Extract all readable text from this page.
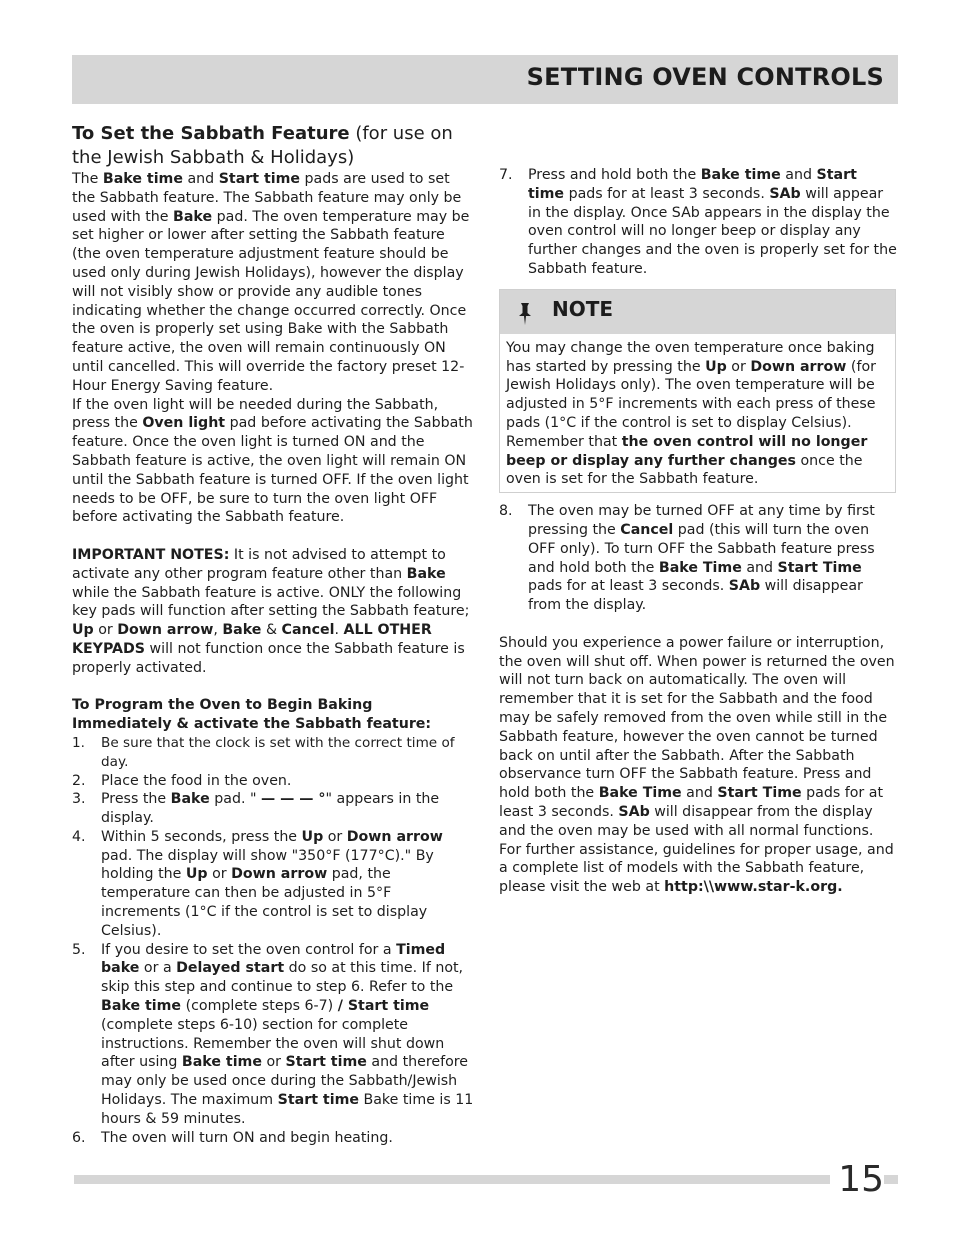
SETTING OVEN CONTROLS

To Set the Sabbath Feature (for use on the Jewish Sabbath & Holidays)

The Bake time and Start time pads are used to set the Sabbath feature. The Sabbath feature may only be used with the Bake pad. The oven temperature may be set higher or lower after setting the Sabbath feature (the oven temperature adjustment feature should be used only during Jewish Holidays), however the display will not visibly show or provide any audible tones indicating whether the change occurred correctly. Once the oven is properly set using Bake with the Sabbath feature active, the oven will remain continuously ON until cancelled. This will override the factory preset 12-Hour Energy Saving feature.

If the oven light will be needed during the Sabbath, press the Oven light pad before activating the Sabbath feature. Once the oven light is turned ON and the Sabbath feature is active, the oven light will remain ON until the Sabbath feature is turned OFF. If the oven light needs to be OFF, be sure to turn the oven light OFF before activating the Sabbath feature.

IMPORTANT NOTES: It is not advised to attempt to activate any other program feature other than Bake while the Sabbath feature is active. ONLY the following key pads will function after setting the Sabbath feature; Up or Down arrow, Bake & Cancel. ALL OTHER KEYPADS will not function once the Sabbath feature is properly activated.

To Program the Oven to Begin Baking Immediately & activate the Sabbath feature:

1. Be sure that the clock is set with the correct time of day.
2. Place the food in the oven.
3. Press the Bake pad. " — — — °" appears in the display.
4. Within 5 seconds, press the Up or Down arrow pad. The display will show "350°F (177°C)." By holding the Up or Down arrow pad, the temperature can then be adjusted in 5°F increments (1°C if the control is set to display Celsius).
5. If you desire to set the oven control for a Timed bake or a Delayed start do so at this time. If not, skip this step and continue to step 6. Refer to the Bake time (complete steps 6-7) / Start time (complete steps 6-10) section for complete instructions. Remember the oven will shut down after using Bake time or Start time and therefore may only be used once during the Sabbath/Jewish Holidays. The maximum Start time Bake time is 11 hours & 59 minutes.
6. The oven will turn ON and begin heating.
7. Press and hold both the Bake time and Start time pads for at least 3 seconds. SAb will appear in the display. Once SAb appears in the display the oven control will no longer beep or display any further changes and the oven is properly set for the Sabbath feature.
NOTE
You may change the oven temperature once baking has started by pressing the Up or Down arrow (for Jewish Holidays only). The oven temperature will be adjusted in 5°F increments with each press of these pads (1°C if the control is set to display Celsius). Remember that the oven control will no longer beep or display any further changes once the oven is set for the Sabbath feature.
8. The oven may be turned OFF at any time by first pressing the Cancel pad (this will turn the oven OFF only). To turn OFF the Sabbath feature press and hold both the Bake Time and Start Time pads for at least 3 seconds. SAb will disappear from the display.

Should you experience a power failure or interruption, the oven will shut off. When power is returned the oven will not turn back on automatically. The oven will remember that it is set for the Sabbath and the food may be safely removed from the oven while still in the Sabbath feature, however the oven cannot be turned back on until after the Sabbath. After the Sabbath observance turn OFF the Sabbath feature. Press and hold both the Bake Time and Start Time pads for at least 3 seconds. SAb will disappear from the display and the oven may be used with all normal functions. For further assistance, guidelines for proper usage, and a complete list of models with the Sabbath feature, please visit the web at http:\\www.star-k.org.

15
